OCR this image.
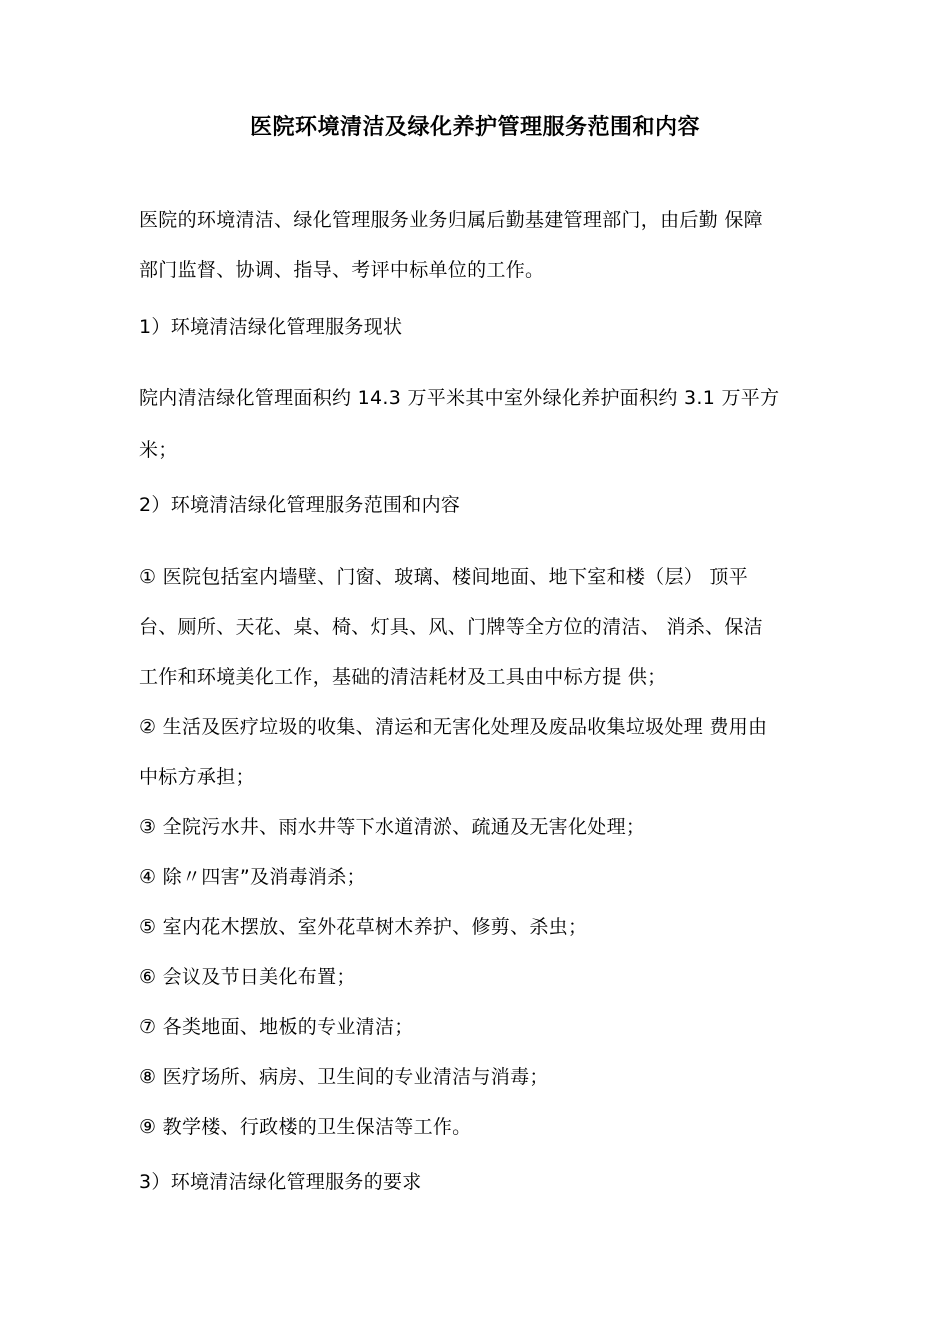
医院环境清洁及绿化养护管理服务范围和内容
医院的环境清洁、绿化管理服务业务归属后勤基建管理部门，由后勤 保障
部门监督、协调、指导、考评中标单位的工作。
1）环境清洁绿化管理服务现状
院内清洁绿化管理面积约 14.3 万平米其中室外绿化养护面积约 3.1 万平方
米；
2）环境清洁绿化管理服务范围和内容
① 医院包括室内墙壁、门窗、玻璃、楼间地面、地下室和楼（层） 顶平
台、厕所、天花、桌、椅、灯具、风、门牌等全方位的清洁、 消杀、保洁
工作和环境美化工作，基础的清洁耗材及工具由中标方提 供；
② 生活及医疗垃圾的收集、清运和无害化处理及废品收集垃圾处理 费用由
中标方承担；
③ 全院污水井、雨水井等下水道清淤、疏通及无害化处理；
④ 除〃四害”及消毒消杀；
⑤ 室内花木摆放、室外花草树木养护、修剪、杀虫；
⑥ 会议及节日美化布置；
⑦ 各类地面、地板的专业清洁；
⑧ 医疗场所、病房、卫生间的专业清洁与消毒；
⑨ 教学楼、行政楼的卫生保洁等工作。
3）环境清洁绿化管理服务的要求
